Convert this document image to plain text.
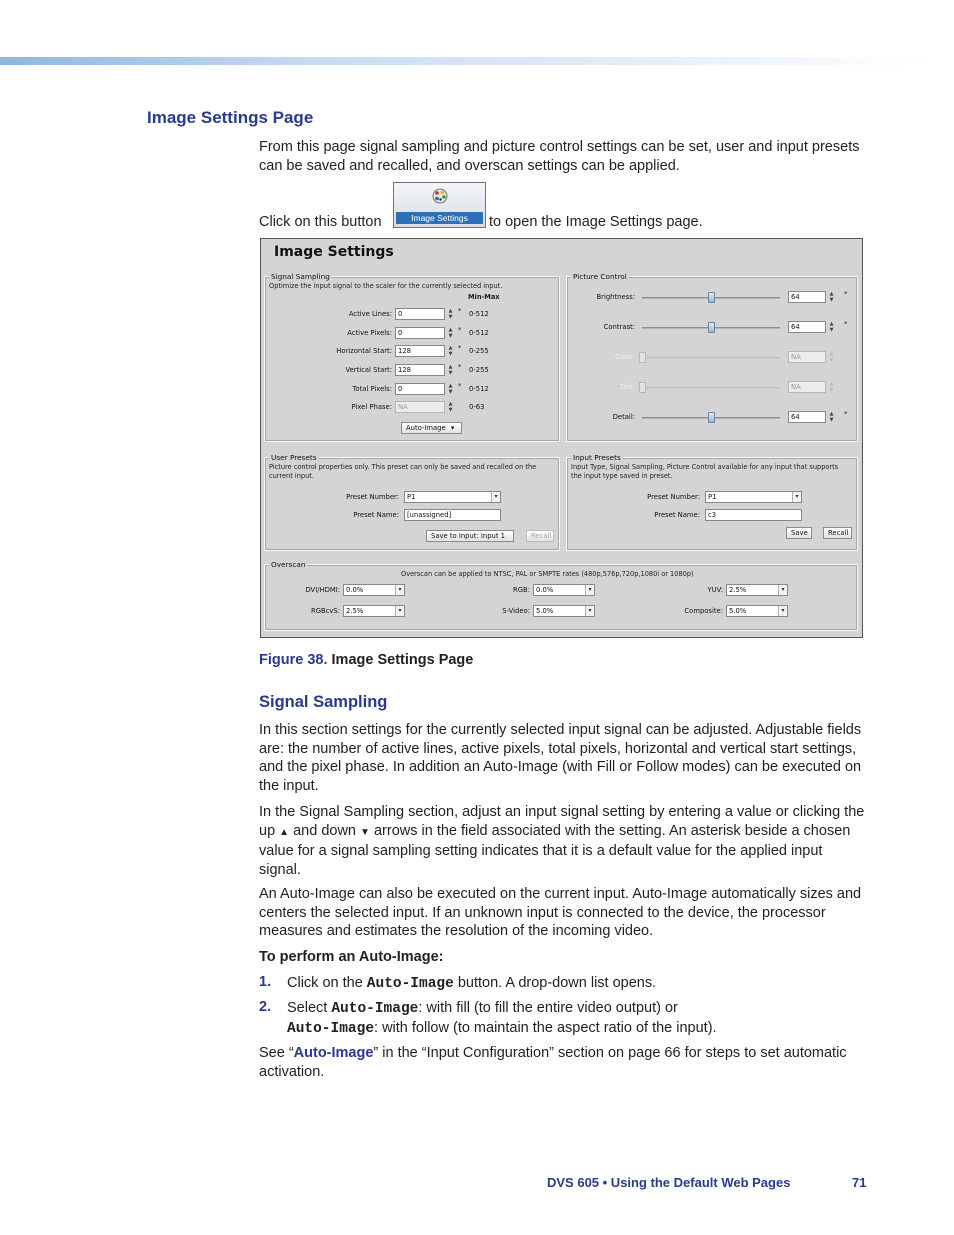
Image Settings Page
From this page signal sampling and picture control settings can be set, user and input presets can be saved and recalled, and overscan settings can be applied.
Click on this button	Image Settings	to open the Image Settings page.
Image Settings
Signal Sampling
Optimize the input signal to the scaler for the currently selected input.
Min-Max
Active Lines: 0	▲
▼
* 0-512
Active Pixels: 0	▲
▼
* 0-512
Horizontal Start: 128	▲
▼
* 0-255
Vertical Start: 128	▲
▼
* 0-255
Total Pixels: 0	▲
▼
* 0-512
Pixel Phase: NA	▲
▼	0-63
Auto-Image ▾
Picture Control
Brightness:	64	▲
▼
*
Contrast:	64	▲
▼
*
Color:	NA	▲
▼
Tint:	NA	▲
▼
Detail:	64	▲
▼
*
User Presets
Picture control properties only. This preset can only be saved and recalled on the current input.
Preset Number:	P1	▾
Preset Name:	[unassigned]
Save to Input: Input 1	Recall
Input Presets
Input Type, Signal Sampling, Picture Control available for any input that supports the input type saved in preset.
Preset Number:	P1	▾
Preset Name:	c3
Save	Recall
Overscan
Overscan can be applied to NTSC, PAL or SMPTE rates (480p,576p,720p,1080i or 1080p)
DVI/HDMI: 0.0%	▾	RGB: 0.0%	▾	YUV: 2.5%	▾
RGBcvS: 2.5%	▾	S-Video: 5.0%	▾	Composite: 5.0%	▾
Figure 38. Image Settings Page
Signal Sampling
In this section settings for the currently selected input signal can be adjusted. Adjustable fields are: the number of active lines, active pixels, total pixels, horizontal and vertical start settings, and the pixel phase. In addition an Auto-Image (with Fill or Follow modes) can be executed on the input.
In the Signal Sampling section, adjust an input signal setting by entering a value or clicking the up ▲ and down ▼ arrows in the field associated with the setting. An asterisk beside a chosen value for a signal sampling setting indicates that it is a default value for the applied input signal.
An Auto-Image can also be executed on the current input. Auto-Image automatically sizes and centers the selected input. If an unknown input is connected to the device, the processor measures and estimates the resolution of the incoming video.
To perform an Auto-Image:
1. Click on the Auto-Image button. A drop-down list opens.
2. Select Auto-Image: with fill (to fill the entire video output) or
Auto-Image: with follow (to maintain the aspect ratio of the input).
See “Auto-Image” in the “Input Configuration” section on page 66 for steps to set automatic activation.
DVS 605 • Using the Default Web Pages	71
